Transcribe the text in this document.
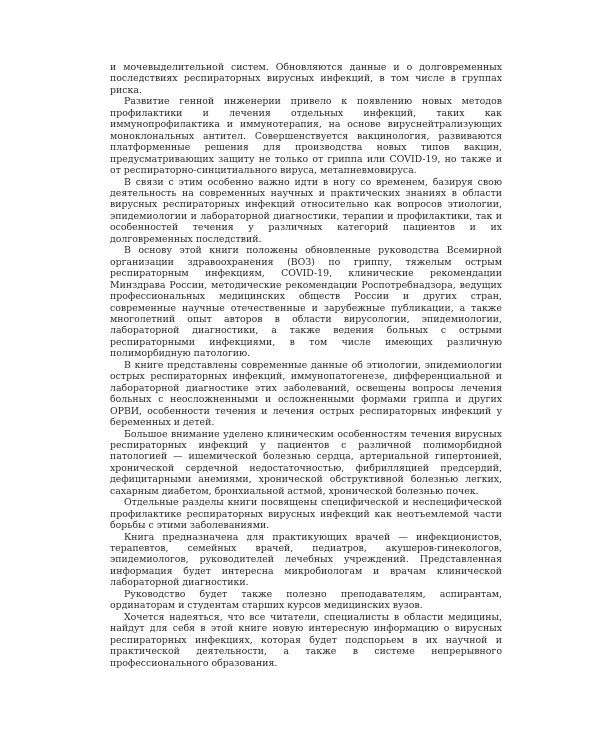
и мочевыделительной систем. Обновляются данные и о долговременных последствиях респираторных вирусных инфекций, в том числе в группах риска.

Развитие генной инженерии привело к появлению новых методов профилактики и лечения отдельных инфекций, таких как иммунопрофилактика и иммунотерапия, на основе вируснейтрализующих моноклональных антител. Совершенствуется вакцинология, развиваются платформенные решения для производства новых типов вакцин, предусматривающих защиту не только от гриппа или COVID-19, но также и от респираторно-синцитиального вируса, метапневмовируса.

В связи с этим особенно важно идти в ногу со временем, базируя свою деятельность на современных научных и практических знаниях в области вирусных респираторных инфекций относительно как вопросов этиологии, эпидемиологии и лабораторной диагностики, терапии и профилактики, так и особенностей течения у различных категорий пациентов и их долговременных последствий.

В основу этой книги положены обновленные руководства Всемирной организации здравоохранения (ВОЗ) по гриппу, тяжелым острым респираторным инфекциям, COVID-19, клинические рекомендации Минздрава России, методические рекомендации Роспотребнадзора, ведущих профессиональных медицинских обществ России и других стран, современные научные отечественные и зарубежные публикации, а также многолетний опыт авторов в области вирусологии, эпидемиологии, лабораторной диагностики, а также ведения больных с острыми респираторными инфекциями, в том числе имеющих различную полиморбидную патологию.

В книге представлены современные данные об этиологии, эпидемиологии острых респираторных инфекций, иммунопатогенезе, дифференциальной и лабораторной диагностике этих заболеваний, освещены вопросы лечения больных с неосложненными и осложненными формами гриппа и других ОРВИ, особенности течения и лечения острых респираторных инфекций у беременных и детей.

Большое внимание уделено клиническим особенностям течения вирусных респираторных инфекций у пациентов с различной полиморбидной патологией — ишемической болезнью сердца, артериальной гипертонией, хронической сердечной недостаточностью, фибрилляцией предсердий, дефицитарными анемиями, хронической обструктивной болезнью легких, сахарным диабетом, бронхиальной астмой, хронической болезнью почек.

Отдельные разделы книги посвящены специфической и неспецифической профилактике респираторных вирусных инфекций как неотъемлемой части борьбы с этими заболеваниями.

Книга предназначена для практикующих врачей — инфекционистов, терапевтов, семейных врачей, педиатров, акушеров-гинекологов, эпидемиологов, руководителей лечебных учреждений. Представленная информация будет интересна микробиологам и врачам клинической лабораторной диагностики.

Руководство будет также полезно преподавателям, аспирантам, ординаторам и студентам старших курсов медицинских вузов.

Хочется надеяться, что все читатели, специалисты в области медицины, найдут для себя в этой книге новую интересную информацию о вирусных респираторных инфекциях, которая будет подспорьем в их научной и практической деятельности, а также в системе непрерывного профессионального образования.
